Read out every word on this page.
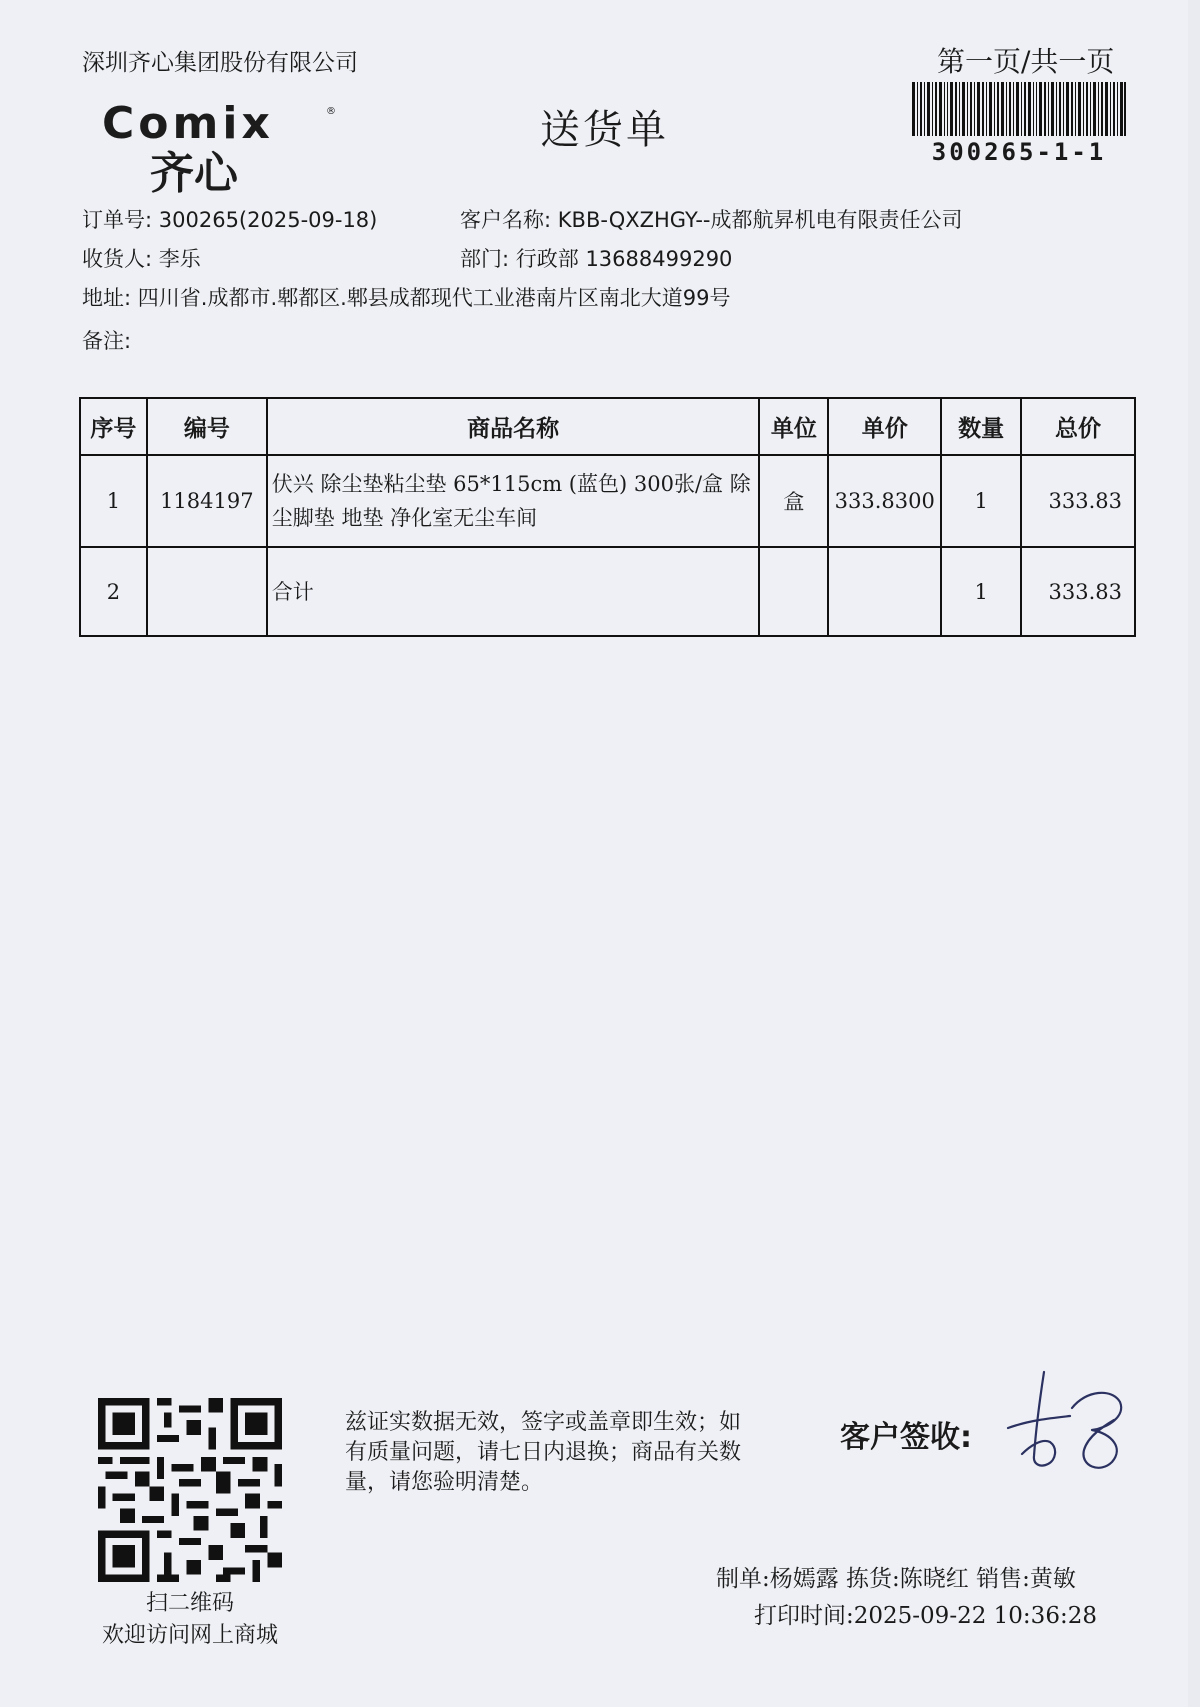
深圳齐心集团股份有限公司	第一页/共一页
Comix	®
齐心
送货单	300265-1-1
订单号: 300265(2025-09-18)	客户名称: KBB-QXZHGY--成都航昇机电有限责任公司
收货人: 李乐	部门: 行政部 13688499290
地址: 四川省.成都市.郫都区.郫县成都现代工业港南片区南北大道99号
备注:
序号	编号	商品名称	单位	单价	数量	总价
1	1184197	伏兴 除尘垫粘尘垫 65*115cm (蓝色) 300张/盒 除尘脚垫 地垫 净化室无尘车间	盒	333.8300	1	333.83
2		合计			1	333.83
扫二维码
欢迎访问网上商城
兹证实数据无效，签字或盖章即生效；如有质量问题，请七日内退换；商品有关数量，请您验明清楚。
客户签收:
制单:杨嫣露 拣货:陈晓红 销售:黄敏
打印时间:2025-09-22 10:36:28
